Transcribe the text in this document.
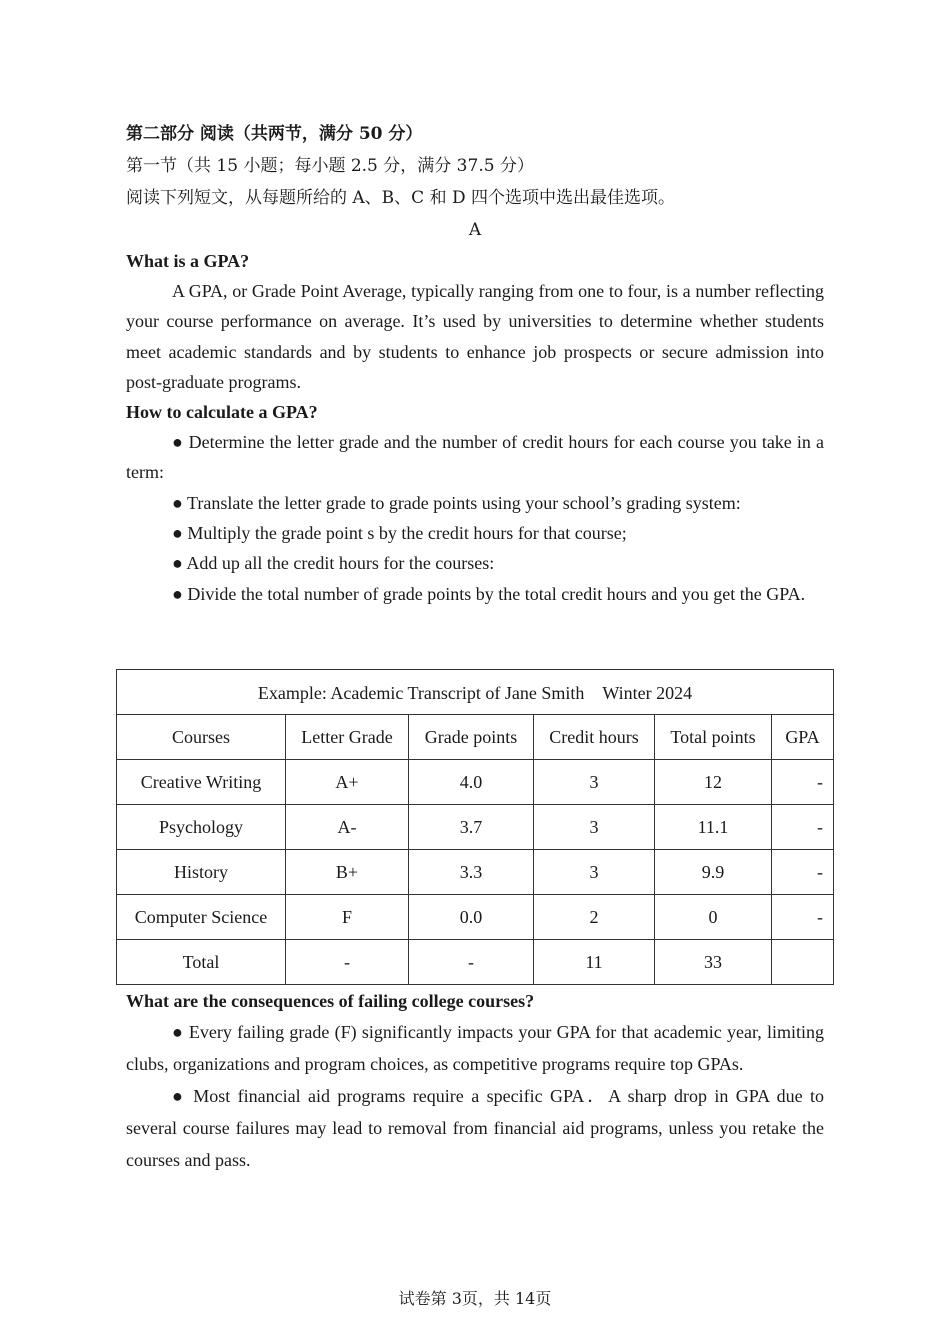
第二部分 阅读（共两节，满分 50 分）
第一节（共 15 小题；每小题 2.5 分，满分 37.5 分）
阅读下列短文，从每题所给的 A、B、C 和 D 四个选项中选出最佳选项。
A

What is a GPA?

A GPA, or Grade Point Average, typically ranging from one to four, is a number reflecting your course performance on average. It’s used by universities to determine whether students meet academic standards and by students to enhance job prospects or secure admission into post-graduate programs.

How to calculate a GPA?

● Determine the letter grade and the number of credit hours for each course you take in a term:

● Translate the letter grade to grade points using your school’s grading system:

● Multiply the grade point s by the credit hours for that course;

● Add up all the credit hours for the courses:

● Divide the total number of grade points by the total credit hours and you get the GPA.

Example: Academic Transcript of Jane Smith　Winter 2024					
Courses	Letter Grade	Grade points	Credit hours	Total points	GPA
Creative Writing	A+	4.0	3	12	-
Psychology	A-	3.7	3	11.1	-
History	B+	3.3	3	9.9	-
Computer Science	F	0.0	2	0	-
Total	-	-	11	33	

What are the consequences of failing college courses?

● Every failing grade (F) significantly impacts your GPA for that academic year, limiting clubs, organizations and program choices, as competitive programs require top GPAs.

● Most financial aid programs require a specific GPA．A sharp drop in GPA due to several course failures may lead to removal from financial aid programs, unless you retake the courses and pass.

试卷第 3页，共 14页
